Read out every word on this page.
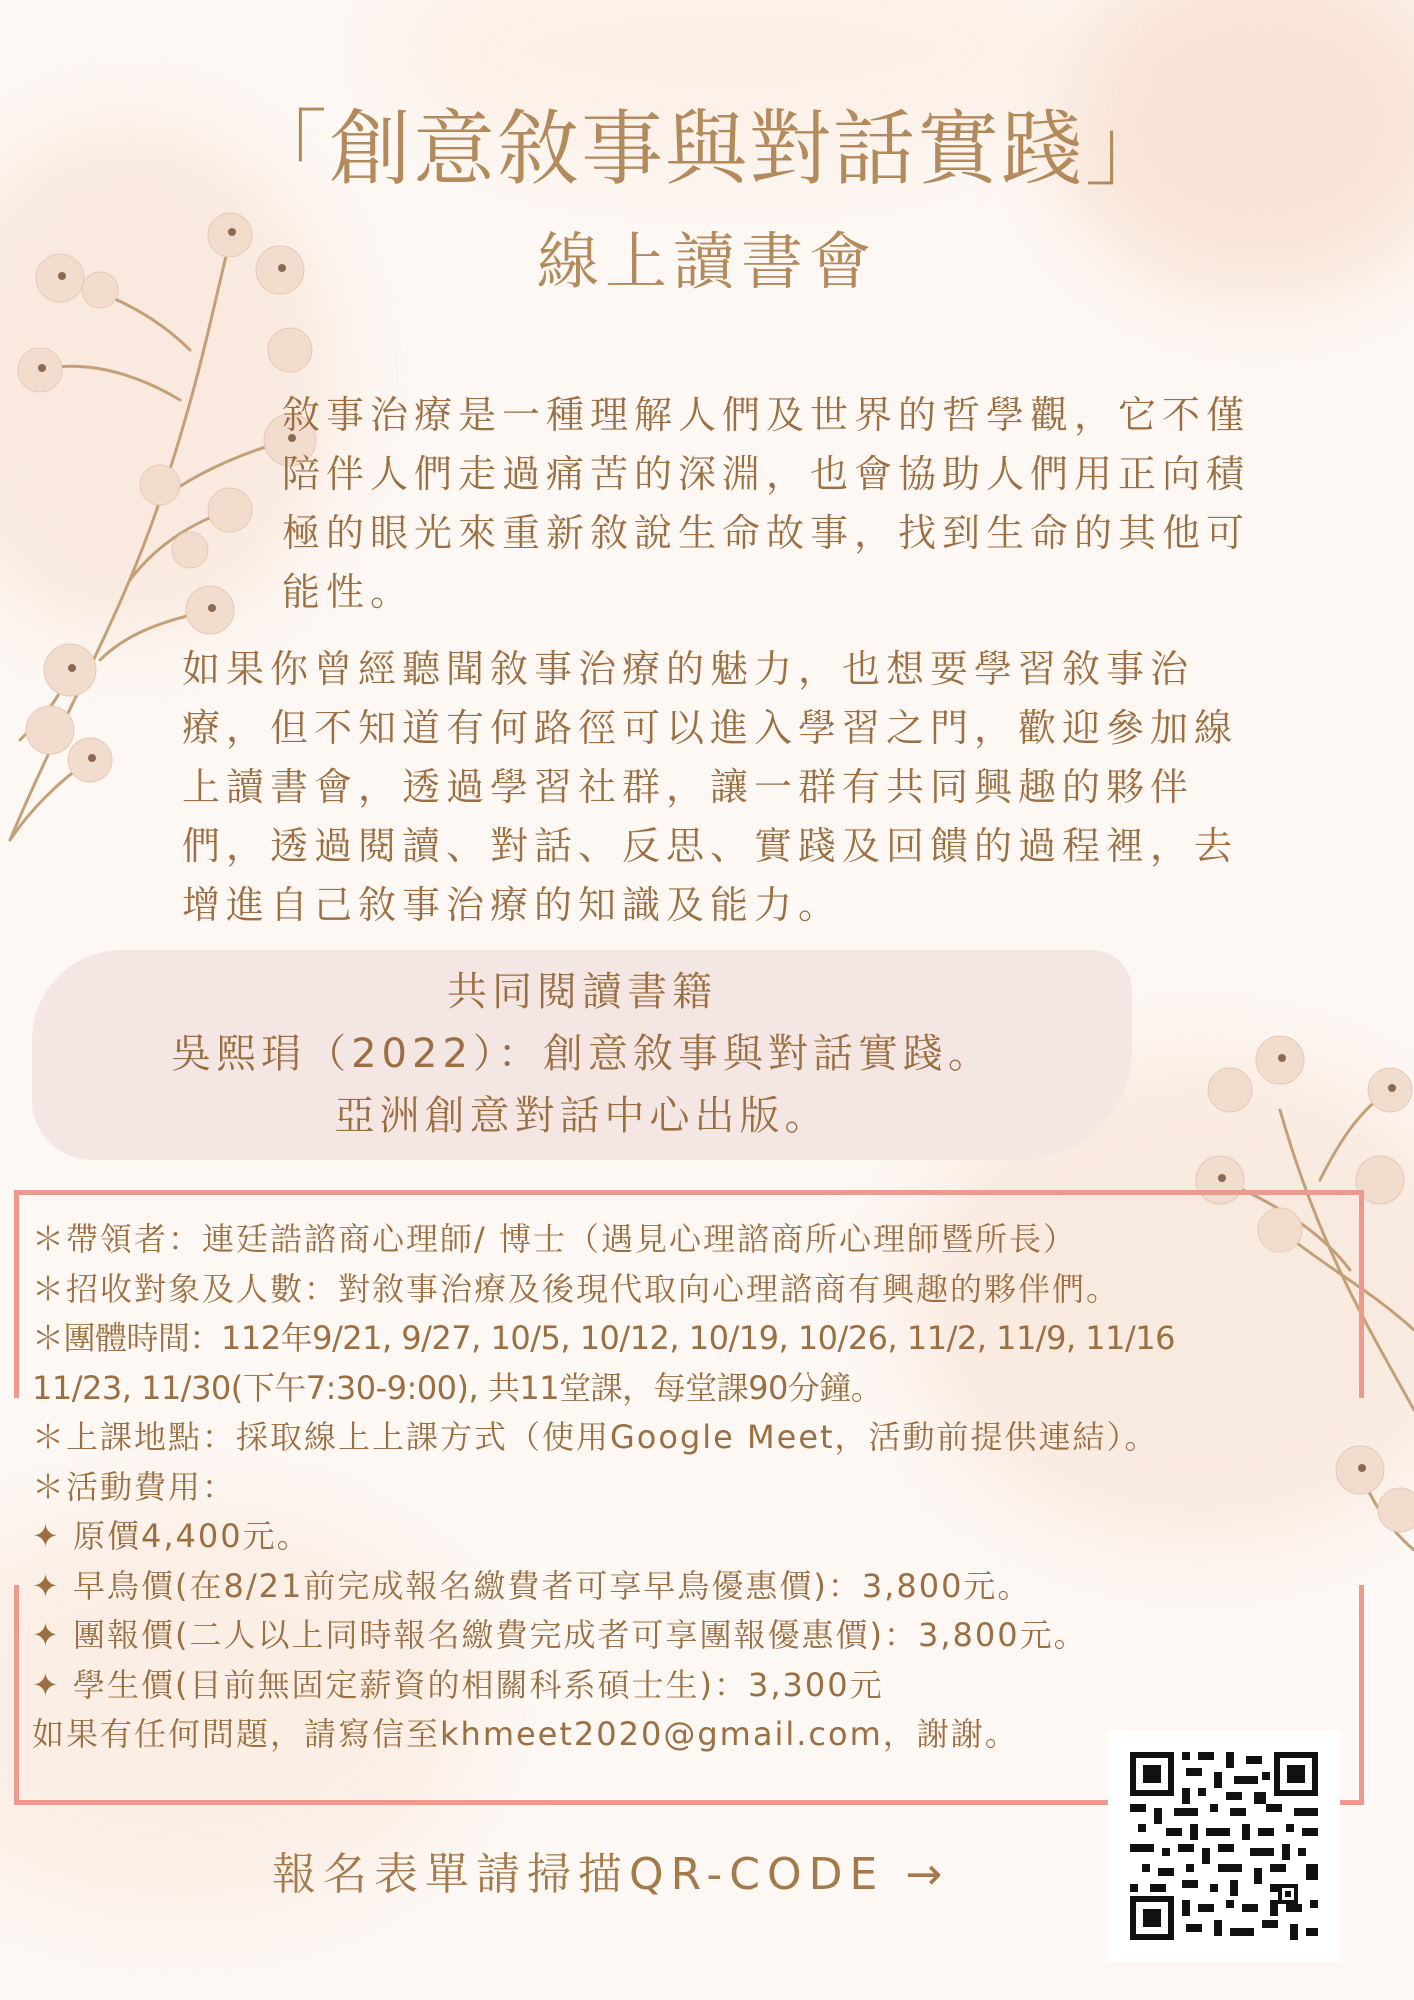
「創意敘事與對話實踐」
線上讀書會
敘事治療是一種理解人們及世界的哲學觀，它不僅
陪伴人們走過痛苦的深淵，也會協助人們用正向積
極的眼光來重新敘說生命故事，找到生命的其他可
能性。
如果你曾經聽聞敘事治療的魅力，也想要學習敘事治
療，但不知道有何路徑可以進入學習之門，歡迎參加線
上讀書會，透過學習社群，讓一群有共同興趣的夥伴
們，透過閱讀、對話、反思、實踐及回饋的過程裡，去
增進自己敘事治療的知識及能力。
共同閱讀書籍
吳熙琄（2022）：創意敘事與對話實踐。
亞洲創意對話中心出版。
＊帶領者：連廷誥諮商心理師/ 博士（遇見心理諮商所心理師暨所長）
＊招收對象及人數：對敘事治療及後現代取向心理諮商有興趣的夥伴們。
＊團體時間：112年9/21, 9/27, 10/5, 10/12, 10/19, 10/26, 11/2, 11/9, 11/16
11/23, 11/30(下午7:30-9:00), 共11堂課，每堂課90分鐘。
＊上課地點：採取線上上課方式（使用Google Meet，活動前提供連結）。
＊活動費用：
✦ 原價4,400元。
✦ 早鳥價(在8/21前完成報名繳費者可享早鳥優惠價)：3,800元。
✦ 團報價(二人以上同時報名繳費完成者可享團報優惠價)：3,800元。
✦ 學生價(目前無固定薪資的相關科系碩士生)：3,300元
如果有任何問題，請寫信至khmeet2020@gmail.com，謝謝。
報名表單請掃描QR-CODE →
